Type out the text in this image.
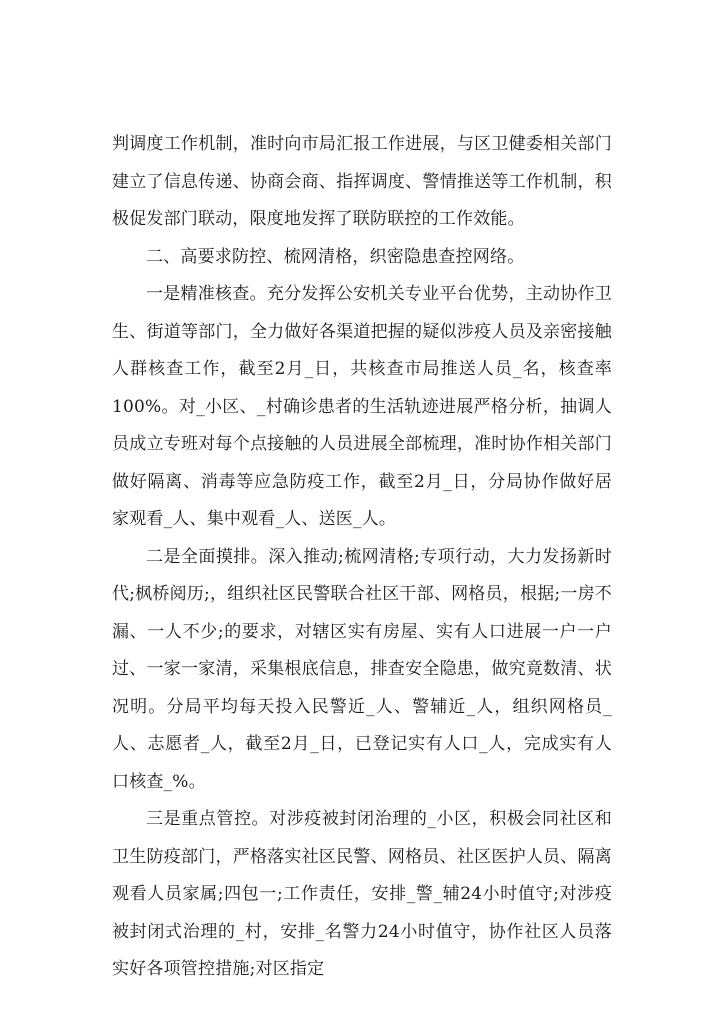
判调度工作机制，准时向市局汇报工作进展，与区卫健委相关部门建立了信息传递、协商会商、指挥调度、警情推送等工作机制，积极促发部门联动，限度地发挥了联防联控的工作效能。

二、高要求防控、梳网清格，织密隐患查控网络。

一是精准核查。充分发挥公安机关专业平台优势，主动协作卫生、街道等部门，全力做好各渠道把握的疑似涉疫人员及亲密接触人群核查工作，截至2月_日，共核查市局推送人员_名，核查率100%。对_小区、_村确诊患者的生活轨迹进展严格分析，抽调人员成立专班对每个点接触的人员进展全部梳理，准时协作相关部门做好隔离、消毒等应急防疫工作，截至2月_日，分局协作做好居家观看_人、集中观看_人、送医_人。

二是全面摸排。深入推动;梳网清格;专项行动，大力发扬新时代;枫桥阅历;，组织社区民警联合社区干部、网格员，根据;一房不漏、一人不少;的要求，对辖区实有房屋、实有人口进展一户一户过、一家一家清，采集根底信息，排查安全隐患，做究竟数清、状况明。分局平均每天投入民警近_人、警辅近_人，组织网格员_人、志愿者_人，截至2月_日，已登记实有人口_人，完成实有人口核查_%。

三是重点管控。对涉疫被封闭治理的_小区，积极会同社区和卫生防疫部门，严格落实社区民警、网格员、社区医护人员、隔离观看人员家属;四包一;工作责任，安排_警_辅24小时值守;对涉疫被封闭式治理的_村，安排_名警力24小时值守，协作社区人员落实好各项管控措施;对区指定
